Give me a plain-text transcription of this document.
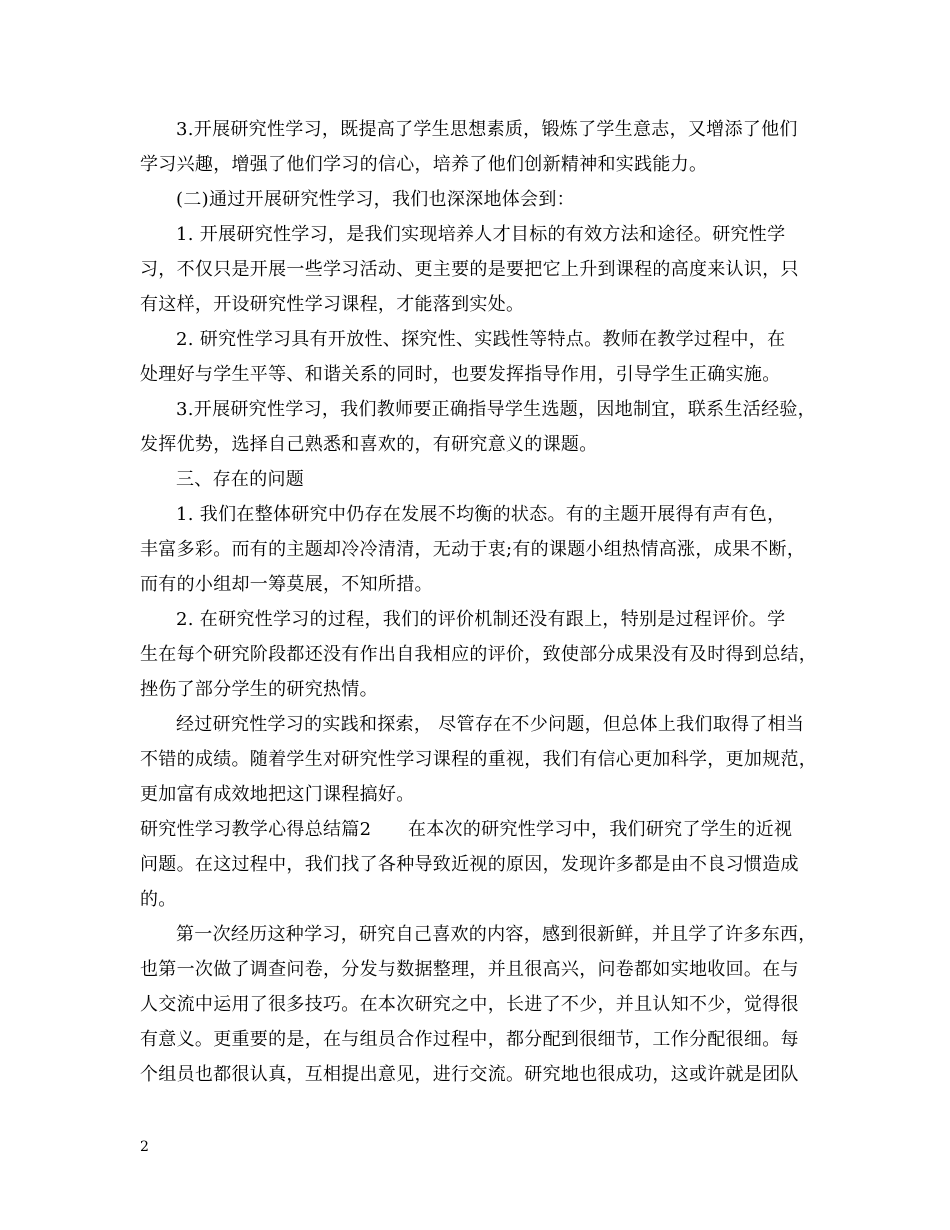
3.开展研究性学习，既提高了学生思想素质，锻炼了学生意志，又增添了他们

学习兴趣，增强了他们学习的信心，培养了他们创新精神和实践能力。

(二)通过开展研究性学习，我们也深深地体会到：

1. 开展研究性学习，是我们实现培养人才目标的有效方法和途径。研究性学

习，不仅只是开展一些学习活动、更主要的是要把它上升到课程的高度来认识，只

有这样，开设研究性学习课程，才能落到实处。

2. 研究性学习具有开放性、探究性、实践性等特点。教师在教学过程中，在

处理好与学生平等、和谐关系的同时，也要发挥指导作用，引导学生正确实施。

3.开展研究性学习，我们教师要正确指导学生选题，因地制宜，联系生活经验，

发挥优势，选择自己熟悉和喜欢的，有研究意义的课题。

三、存在的问题

1. 我们在整体研究中仍存在发展不均衡的状态。有的主题开展得有声有色，

丰富多彩。而有的主题却冷冷清清，无动于衷;有的课题小组热情高涨，成果不断，

而有的小组却一筹莫展，不知所措。

2. 在研究性学习的过程，我们的评价机制还没有跟上，特别是过程评价。学

生在每个研究阶段都还没有作出自我相应的评价，致使部分成果没有及时得到总结，

挫伤了部分学生的研究热情。

经过研究性学习的实践和探索， 尽管存在不少问题，但总体上我们取得了相当

不错的成绩。随着学生对研究性学习课程的重视，我们有信心更加科学，更加规范，

更加富有成效地把这门课程搞好。

研究性学习教学心得总结篇2　　在本次的研究性学习中，我们研究了学生的近视

问题。在这过程中，我们找了各种导致近视的原因，发现许多都是由不良习惯造成

的。

第一次经历这种学习，研究自己喜欢的内容，感到很新鲜，并且学了许多东西，

也第一次做了调查问卷，分发与数据整理，并且很高兴，问卷都如实地收回。在与

人交流中运用了很多技巧。在本次研究之中，长进了不少，并且认知不少，觉得很

有意义。更重要的是，在与组员合作过程中，都分配到很细节，工作分配很细。每

个组员也都很认真，互相提出意见，进行交流。研究地也很成功，这或许就是团队

2
